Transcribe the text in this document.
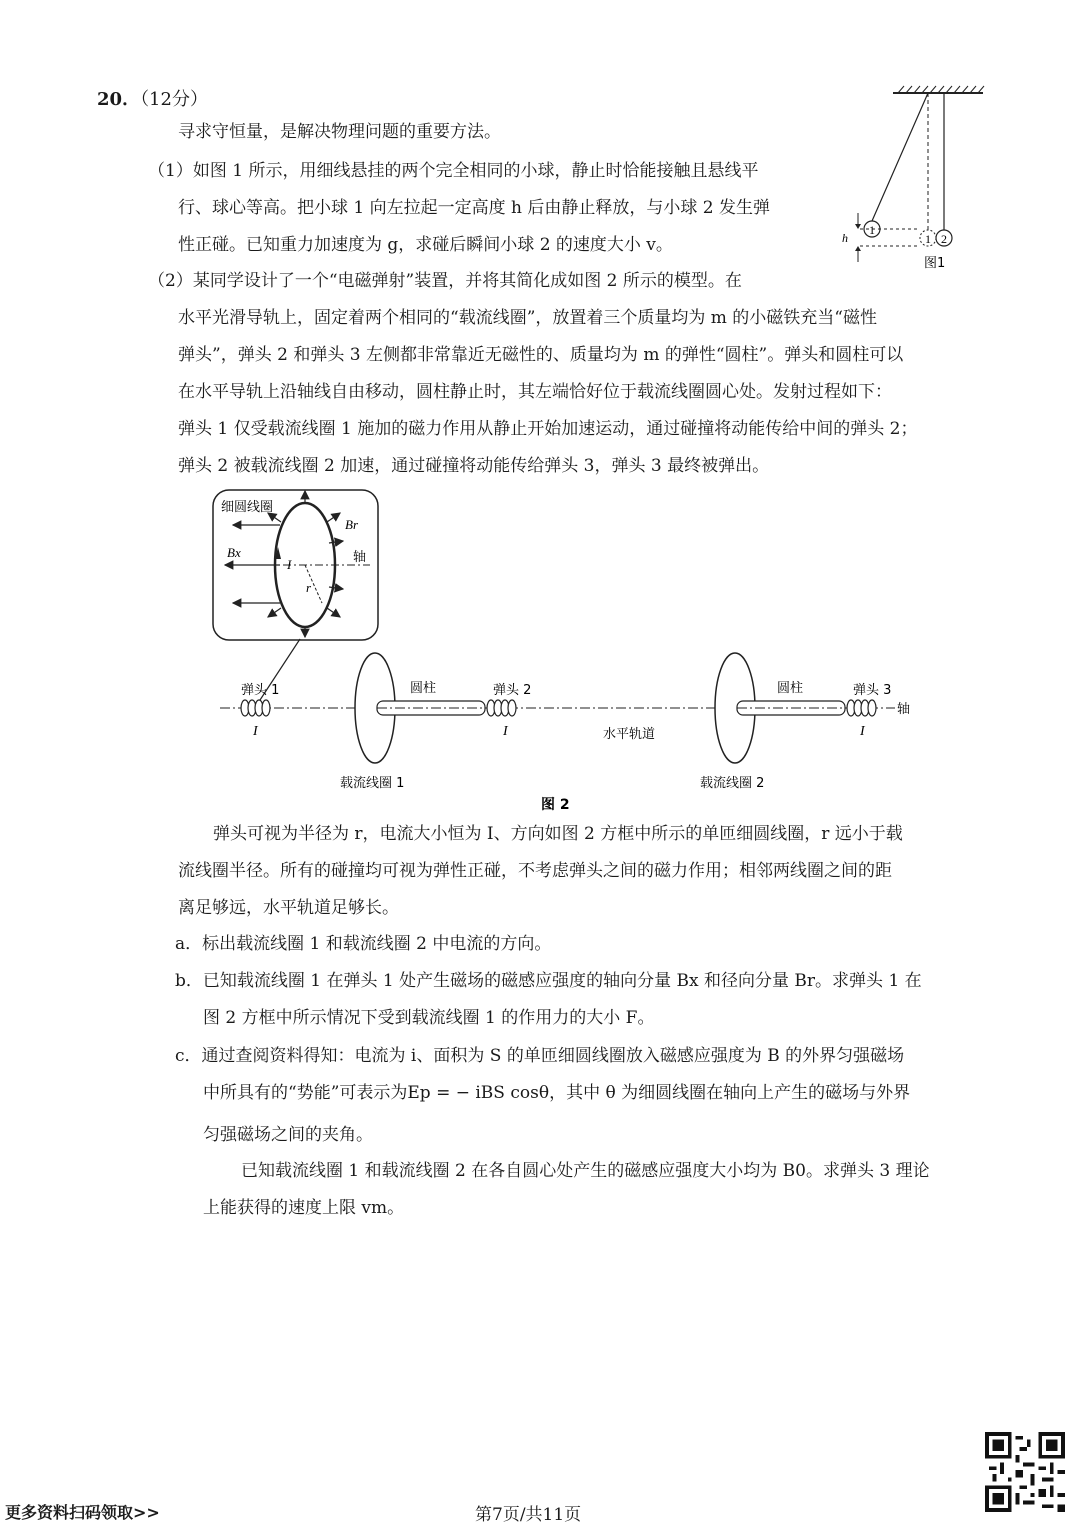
20．（12分）
寻求守恒量，是解决物理问题的重要方法。
（1）如图 1 所示，用细线悬挂的两个完全相同的小球，静止时恰能接触且悬线平
行、球心等高。把小球 1 向左拉起一定高度 h 后由静止释放，与小球 2 发生弹
性正碰。已知重力加速度为 g，求碰后瞬间小球 2 的速度大小 v。
1
1 2
h
图1
（2）某同学设计了一个“电磁弹射”装置，并将其简化成如图 2 所示的模型。在
水平光滑导轨上，固定着两个相同的“载流线圈”，放置着三个质量均为 m 的小磁铁充当“磁性
弹头”，弹头 2 和弹头 3 左侧都非常靠近无磁性的、质量均为 m 的弹性“圆柱”。弹头和圆柱可以
在水平导轨上沿轴线自由移动，圆柱静止时，其左端恰好位于载流线圈圆心处。发射过程如下：
弹头 1 仅受载流线圈 1 施加的磁力作用从静止开始加速运动，通过碰撞将动能传给中间的弹头 2；
弹头 2 被载流线圈 2 加速，通过碰撞将动能传给弹头 3，弹头 3 最终被弹出。
细圆线圈
Br
Bx
I
r
轴
轴
弹头 1	弹头 2	弹头 3
圆柱	圆柱
I	I	I
水平轨道
载流线圈 1	载流线圈 2
图 2
弹头可视为半径为 r，电流大小恒为 I、方向如图 2 方框中所示的单匝细圆线圈，r 远小于载
流线圈半径。所有的碰撞均可视为弹性正碰，不考虑弹头之间的磁力作用；相邻两线圈之间的距
离足够远，水平轨道足够长。
a．标出载流线圈 1 和载流线圈 2 中电流的方向。
b．已知载流线圈 1 在弹头 1 处产生磁场的磁感应强度的轴向分量 Bx 和径向分量 Br。求弹头 1 在
图 2 方框中所示情况下受到载流线圈 1 的作用力的大小 F。
c．通过查阅资料得知：电流为 i、面积为 S 的单匝细圆线圈放入磁感应强度为 B 的外界匀强磁场
中所具有的“势能”可表示为Ep = − iBS cosθ，其中 θ 为细圆线圈在轴向上产生的磁场与外界
匀强磁场之间的夹角。
已知载流线圈 1 和载流线圈 2 在各自圆心处产生的磁感应强度大小均为 B0。求弹头 3 理论
上能获得的速度上限 vm。
更多资料扫码领取>>	第7页/共11页
